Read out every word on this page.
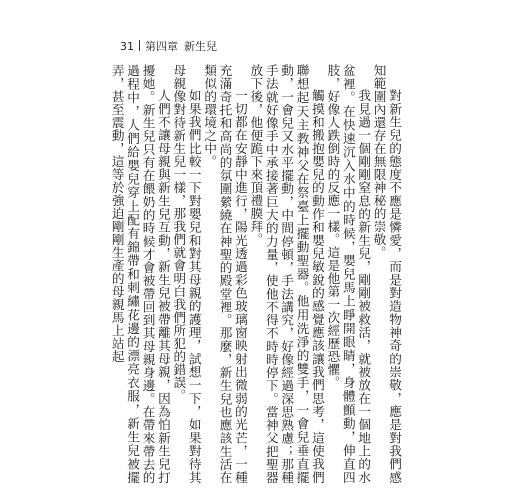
31 第四章 新生兒

對新生兒的態度不應是憐愛，而是對造物神奇的崇敬，應是對我們感知範圍內還存在無限神秘的崇敬。

我見過一個剛剛窒息的新生兒，剛剛被救活，就被放在一個地上的水盆裡。在快速沉入水中的時候，嬰兒馬上睜開眼睛，身體顫動，伸直四肢，好像人跌倒時的反應一樣。這是他第一次經歷恐懼。

觸摸和搬抱嬰兒的動作和嬰兒敏銳的感覺應該讓我們思考，這使我們聯想起天主教神父在祭臺上擺動聖器。他用洗淨的雙手，一會兒垂直擺動，一會兒又水平擺動，中間停頓，手法講究，好像經過深思熟慮；那種手法就好像手中承接著巨大的力量，使他不得不時時停下。當神父把聖器放下後，他便跪下來頂禮膜拜。

一切都在安靜中進行，陽光透過彩色玻璃窗映射出微弱的光芒，一種充滿奇托和高尚的氛圍縈繞在神聖的殿堂裡。那麼，新生兒也應該生活在類似的環境之中。

如果我們比較一下對嬰兒和對其母親的護理，試想一下，如果對待其母親像對待新生兒一樣，那我們就會明白我們所犯的錯誤。

人們不讓母親與新生兒互動，新生兒被帶離其母親，因為怕新生兒打擾她。新生兒只有在餵奶的時候才會被帶回到其母親身邊。在帶來帶去的過程中，人們給嬰兒穿上配有錦帶和刺繡花邊的漂亮衣服，新生兒被擺弄，甚至震動，這等於強迫剛剛生產的母親馬上站起
